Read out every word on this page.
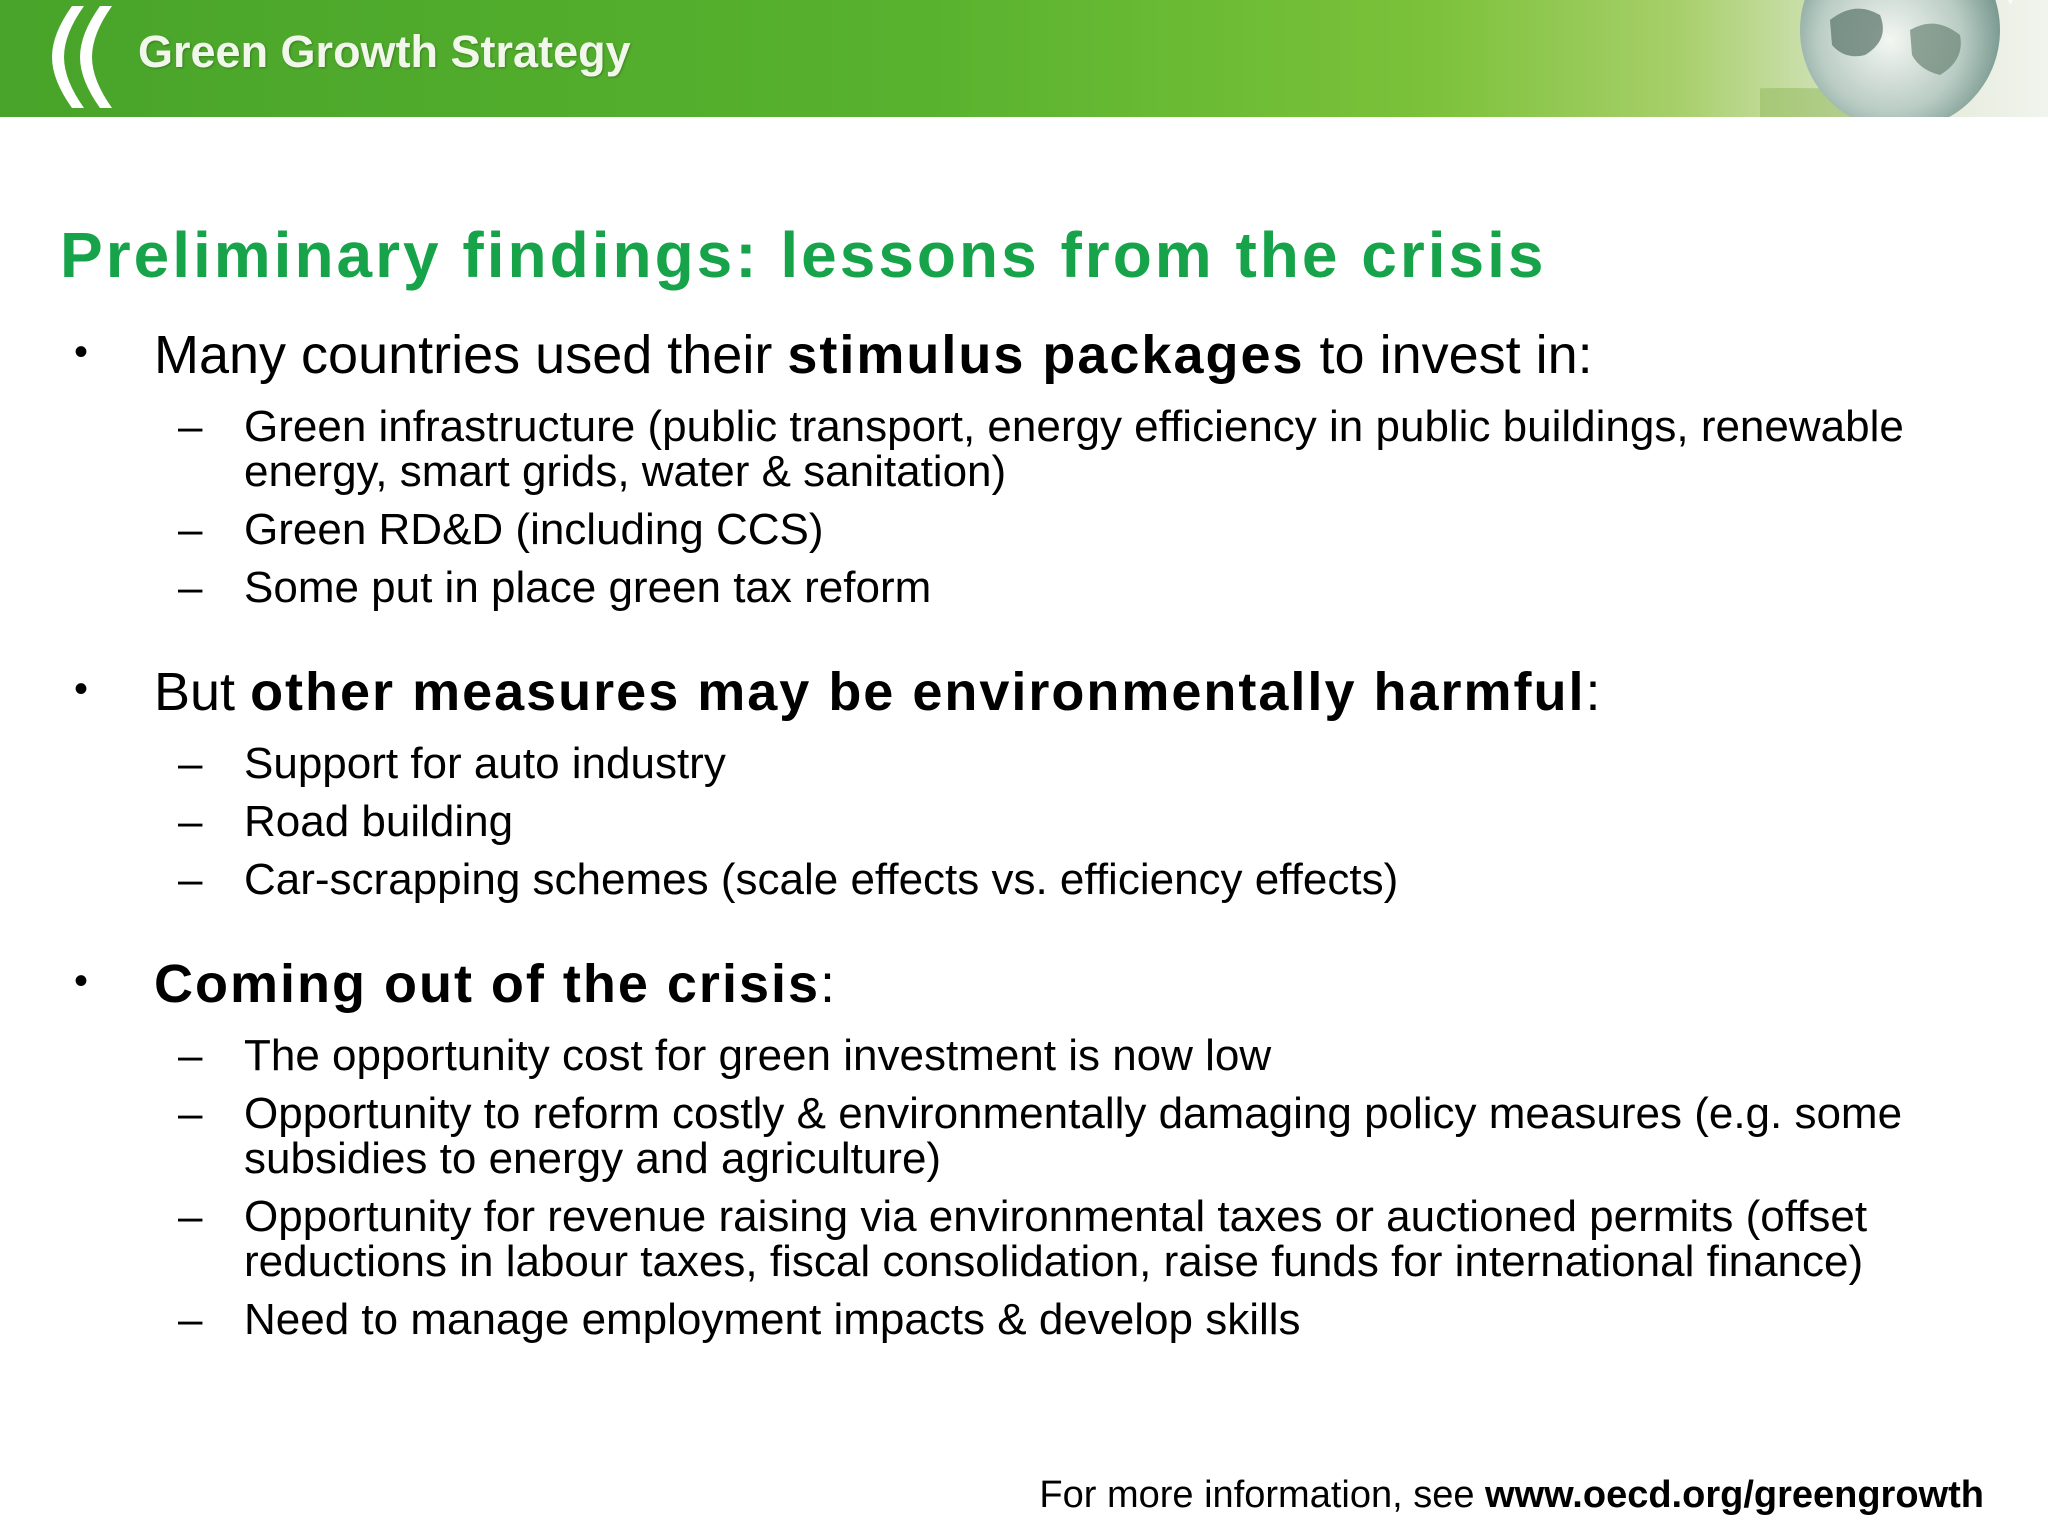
Green Growth Strategy
Preliminary findings: lessons from the crisis
• Many countries used their stimulus packages to invest in:
– Green infrastructure (public transport, energy efficiency in public buildings, renewable energy, smart grids, water & sanitation)
– Green RD&D (including CCS)
– Some put in place green tax reform
• But other measures may be environmentally harmful:
– Support for auto industry
– Road building
– Car-scrapping schemes (scale effects vs. efficiency effects)
• Coming out of the crisis:
– The opportunity cost for green investment is now low
– Opportunity to reform costly & environmentally damaging policy measures (e.g. some subsidies to energy and agriculture)
– Opportunity for revenue raising via environmental taxes or auctioned permits (offset reductions in labour taxes, fiscal consolidation, raise funds for international finance)
– Need to manage employment impacts & develop skills
For more information, see www.oecd.org/greengrowth
